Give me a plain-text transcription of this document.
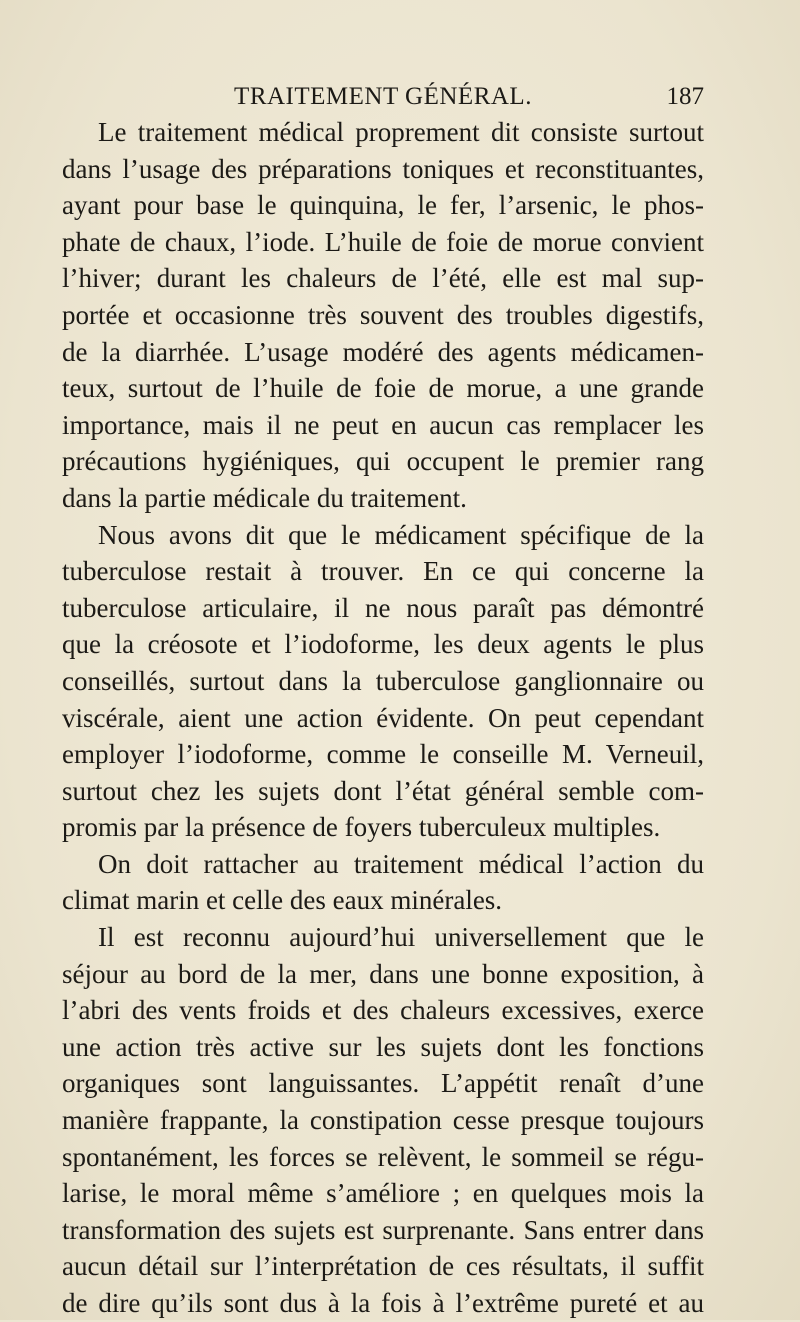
TRAITEMENT GÉNÉRAL.	187
Le traitement médical proprement dit consiste surtout
dans l’usage des préparations toniques et reconstituantes,
ayant pour base le quinquina, le fer, l’arsenic, le phos-
phate de chaux, l’iode. L’huile de foie de morue convient
l’hiver; durant les chaleurs de l’été, elle est mal sup-
portée et occasionne très souvent des troubles digestifs,
de la diarrhée. L’usage modéré des agents médicamen-
teux, surtout de l’huile de foie de morue, a une grande
importance, mais il ne peut en aucun cas remplacer les
précautions hygiéniques, qui occupent le premier rang
dans la partie médicale du traitement.
Nous avons dit que le médicament spécifique de la
tuberculose restait à trouver. En ce qui concerne la
tuberculose articulaire, il ne nous paraît pas démontré
que la créosote et l’iodoforme, les deux agents le plus
conseillés, surtout dans la tuberculose ganglionnaire ou
viscérale, aient une action évidente. On peut cependant
employer l’iodoforme, comme le conseille M. Verneuil,
surtout chez les sujets dont l’état général semble com-
promis par la présence de foyers tuberculeux multiples.
On doit rattacher au traitement médical l’action du
climat marin et celle des eaux minérales.
Il est reconnu aujourd’hui universellement que le
séjour au bord de la mer, dans une bonne exposition, à
l’abri des vents froids et des chaleurs excessives, exerce
une action très active sur les sujets dont les fonctions
organiques sont languissantes. L’appétit renaît d’une
manière frappante, la constipation cesse presque toujours
spontanément, les forces se relèvent, le sommeil se régu-
larise, le moral même s’améliore ; en quelques mois la
transformation des sujets est surprenante. Sans entrer dans
aucun détail sur l’interprétation de ces résultats, il suffit
de dire qu’ils sont dus à la fois à l’extrême pureté et au
